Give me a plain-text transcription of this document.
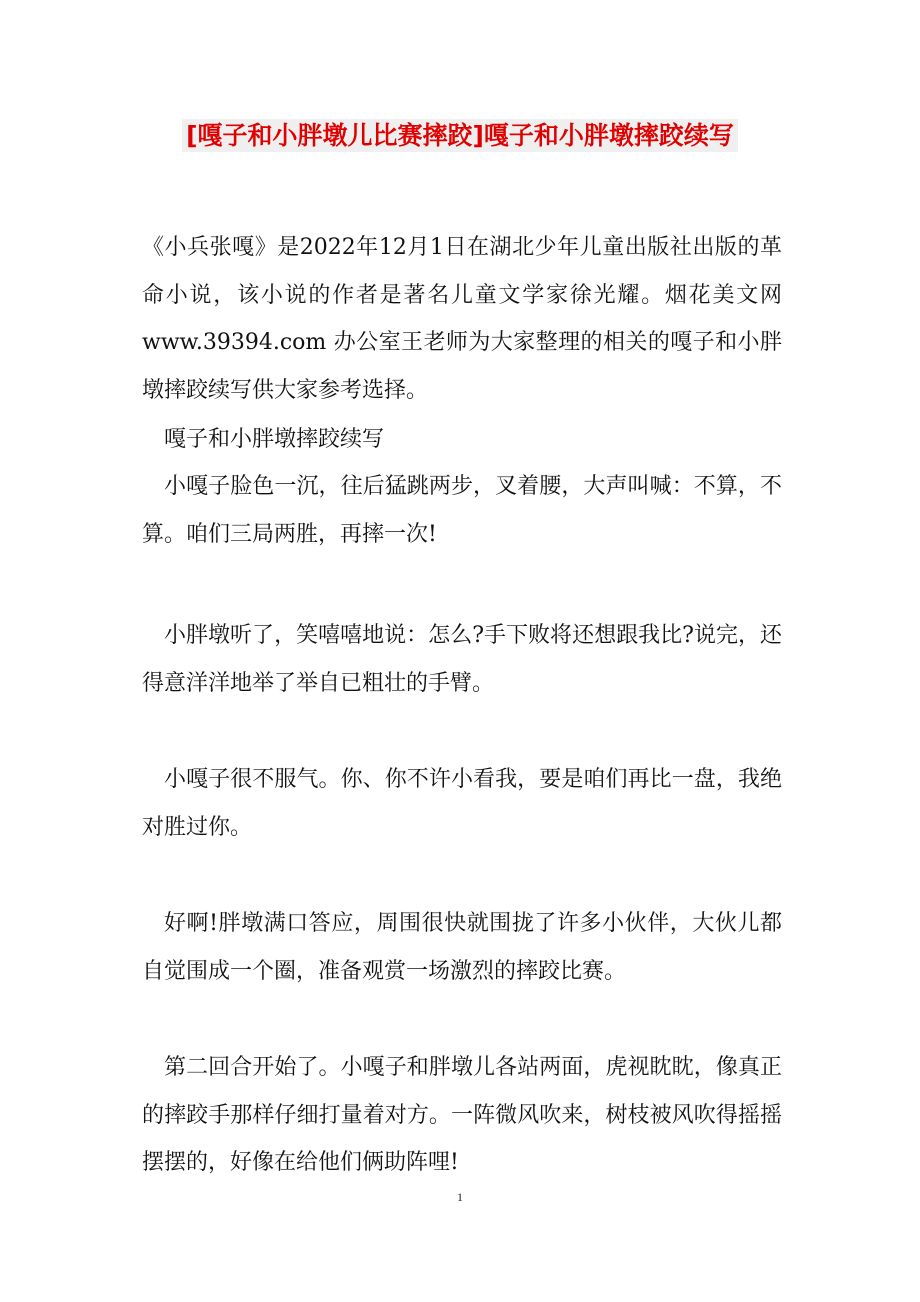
[嘎子和小胖墩儿比赛摔跤]嘎子和小胖墩摔跤续写

《小兵张嘎》是2022年12月1日在湖北少年儿童出版社出版的革命小说，该小说的作者是著名儿童文学家徐光耀。烟花美文网www.39394.com 办公室王老师为大家整理的相关的嘎子和小胖墩摔跤续写供大家参考选择。

嘎子和小胖墩摔跤续写

小嘎子脸色一沉，往后猛跳两步，叉着腰，大声叫喊：不算，不算。咱们三局两胜，再摔一次!

小胖墩听了，笑嘻嘻地说：怎么?手下败将还想跟我比?说完，还得意洋洋地举了举自已粗壮的手臂。

小嘎子很不服气。你、你不许小看我，要是咱们再比一盘，我绝对胜过你。

好啊!胖墩满口答应，周围很快就围拢了许多小伙伴，大伙儿都自觉围成一个圈，准备观赏一场激烈的摔跤比赛。

第二回合开始了。小嘎子和胖墩儿各站两面，虎视眈眈，像真正的摔跤手那样仔细打量着对方。一阵微风吹来，树枝被风吹得摇摇摆摆的，好像在给他们俩助阵哩!

1
